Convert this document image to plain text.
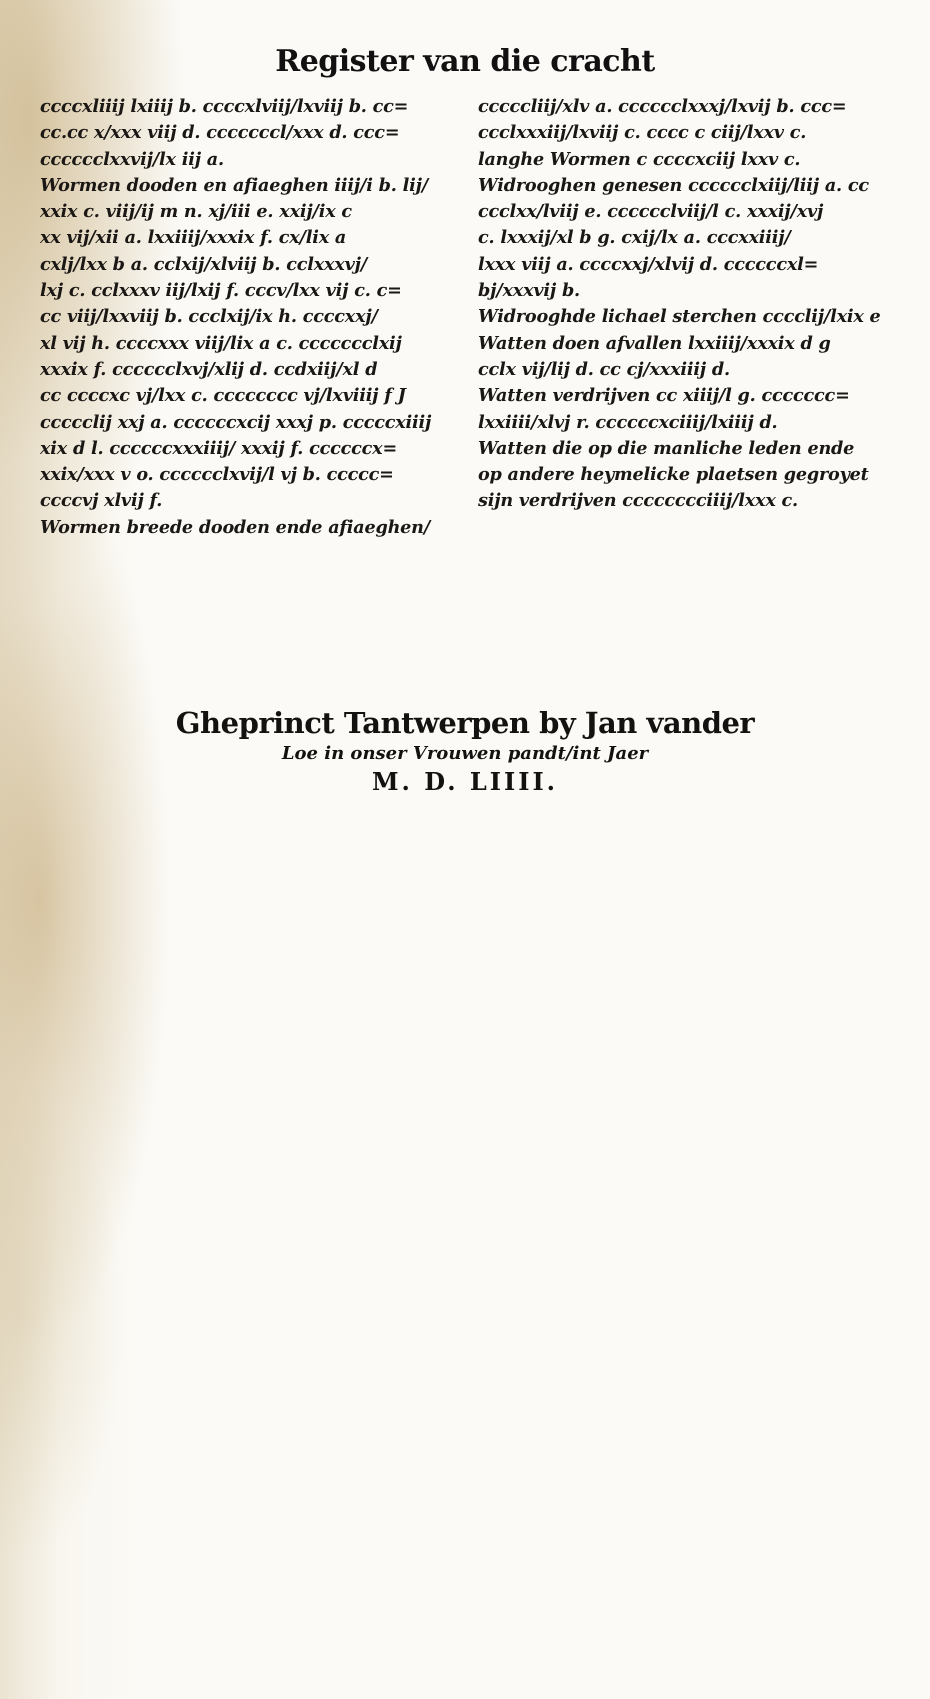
Register van die cracht
ccccxliiij lxiiij b. ccccxlviij/lxviij b. cc=
cc.cc x/xxx viij d. cccccccl/xxx d. ccc=
cccccclxxvij/lx iij a.
Wormen dooden en afiaeghen iiij/i b. lij/
xxix c. viij/ij m n. xj/iii e. xxij/ix c
xx vij/xii a. lxxiiij/xxxix f. cx/lix a
cxlj/lxx b a. cclxij/xlviij b. cclxxxvj/
lxj c. cclxxxv iij/lxij f. cccv/lxx vij c. c=
cc viij/lxxviij b. ccclxij/ix h. ccccxxj/
xl vij h. ccccxxx viij/lix a c. ccccccclxij
xxxix f. cccccclxvj/xlij d. ccdxiij/xl d
cc ccccxc vj/lxx c. cccccccc vj/lxviiij f J
ccccclij xxj a. ccccccxcij xxxj p. cccccxiiij
xix d l. ccccccxxxiiij/ xxxij f. ccccccx=
xxix/xxx v o. cccccclxvij/l vj b. ccccc=
ccccvj xlvij f.
Wormen breede dooden ende afiaeghen/
cccccliij/xlv a. cccccclxxxj/lxvij b. ccc=
ccclxxxiij/lxviij c. cccc c ciij/lxxv c.
langhe Wormen c ccccxciij lxxv c.
Widrooghen genesen cccccclxiij/liij a. cc
ccclxx/lviij e. cccccclviij/l c. xxxij/xvj
c. lxxxij/xl b g. cxij/lx a. cccxxiiij/
lxxx viij a. ccccxxj/xlvij d. ccccccxl=
bj/xxxvij b.
Widrooghde lichael sterchen cccclij/lxix e
Watten doen afvallen lxxiiij/xxxix d g
cclx vij/lij d. cc cj/xxxiiij d.
Watten verdrijven cc xiiij/l g. ccccccc=
lxxiiii/xlvj r. ccccccxciiij/lxiiij d.
Watten die op die manliche leden ende
op andere heymelicke plaetsen gegroyet
sijn verdrijven cccccccciiij/lxxx c.
Gheprinct Tantwerpen by Jan vander
Loe in onser Vrouwen pandt/int Jaer
M. D. LIIII.
